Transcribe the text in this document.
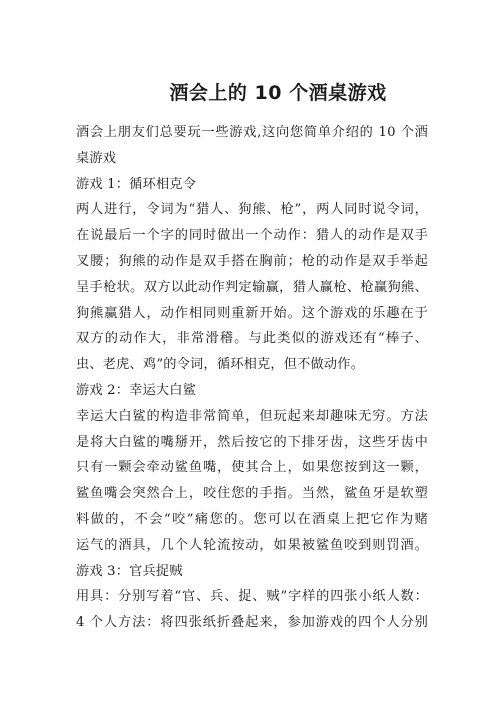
酒会上的 10 个酒桌游戏
酒会上朋友们总要玩一些游戏,这向您简单介绍的 10 个酒
桌游戏
游戏 1：循环相克令
两人进行，令词为“猎人、狗熊、枪”，两人同时说令词，
在说最后一个字的同时做出一个动作：猎人的动作是双手
叉腰；狗熊的动作是双手搭在胸前；枪的动作是双手举起
呈手枪状。双方以此动作判定输赢，猎人赢枪、枪赢狗熊、
狗熊赢猎人，动作相同则重新开始。这个游戏的乐趣在于
双方的动作大，非常滑稽。与此类似的游戏还有“棒子、
虫、老虎、鸡”的令词，循环相克，但不做动作。
游戏 2：幸运大白鲨
幸运大白鲨的构造非常简单，但玩起来却趣味无穷。方法
是将大白鲨的嘴掰开，然后按它的下排牙齿，这些牙齿中
只有一颗会牵动鲨鱼嘴，使其合上，如果您按到这一颗，
鲨鱼嘴会突然合上，咬住您的手指。当然，鲨鱼牙是软塑
料做的，不会“咬”痛您的。您可以在酒桌上把它作为赌
运气的酒具，几个人轮流按动，如果被鲨鱼咬到则罚酒。
游戏 3：官兵捉贼
用具：分别写着“官、兵、捉、贼”字样的四张小纸人数：
4 个人方法：将四张纸折叠起来，参加游戏的四个人分别
